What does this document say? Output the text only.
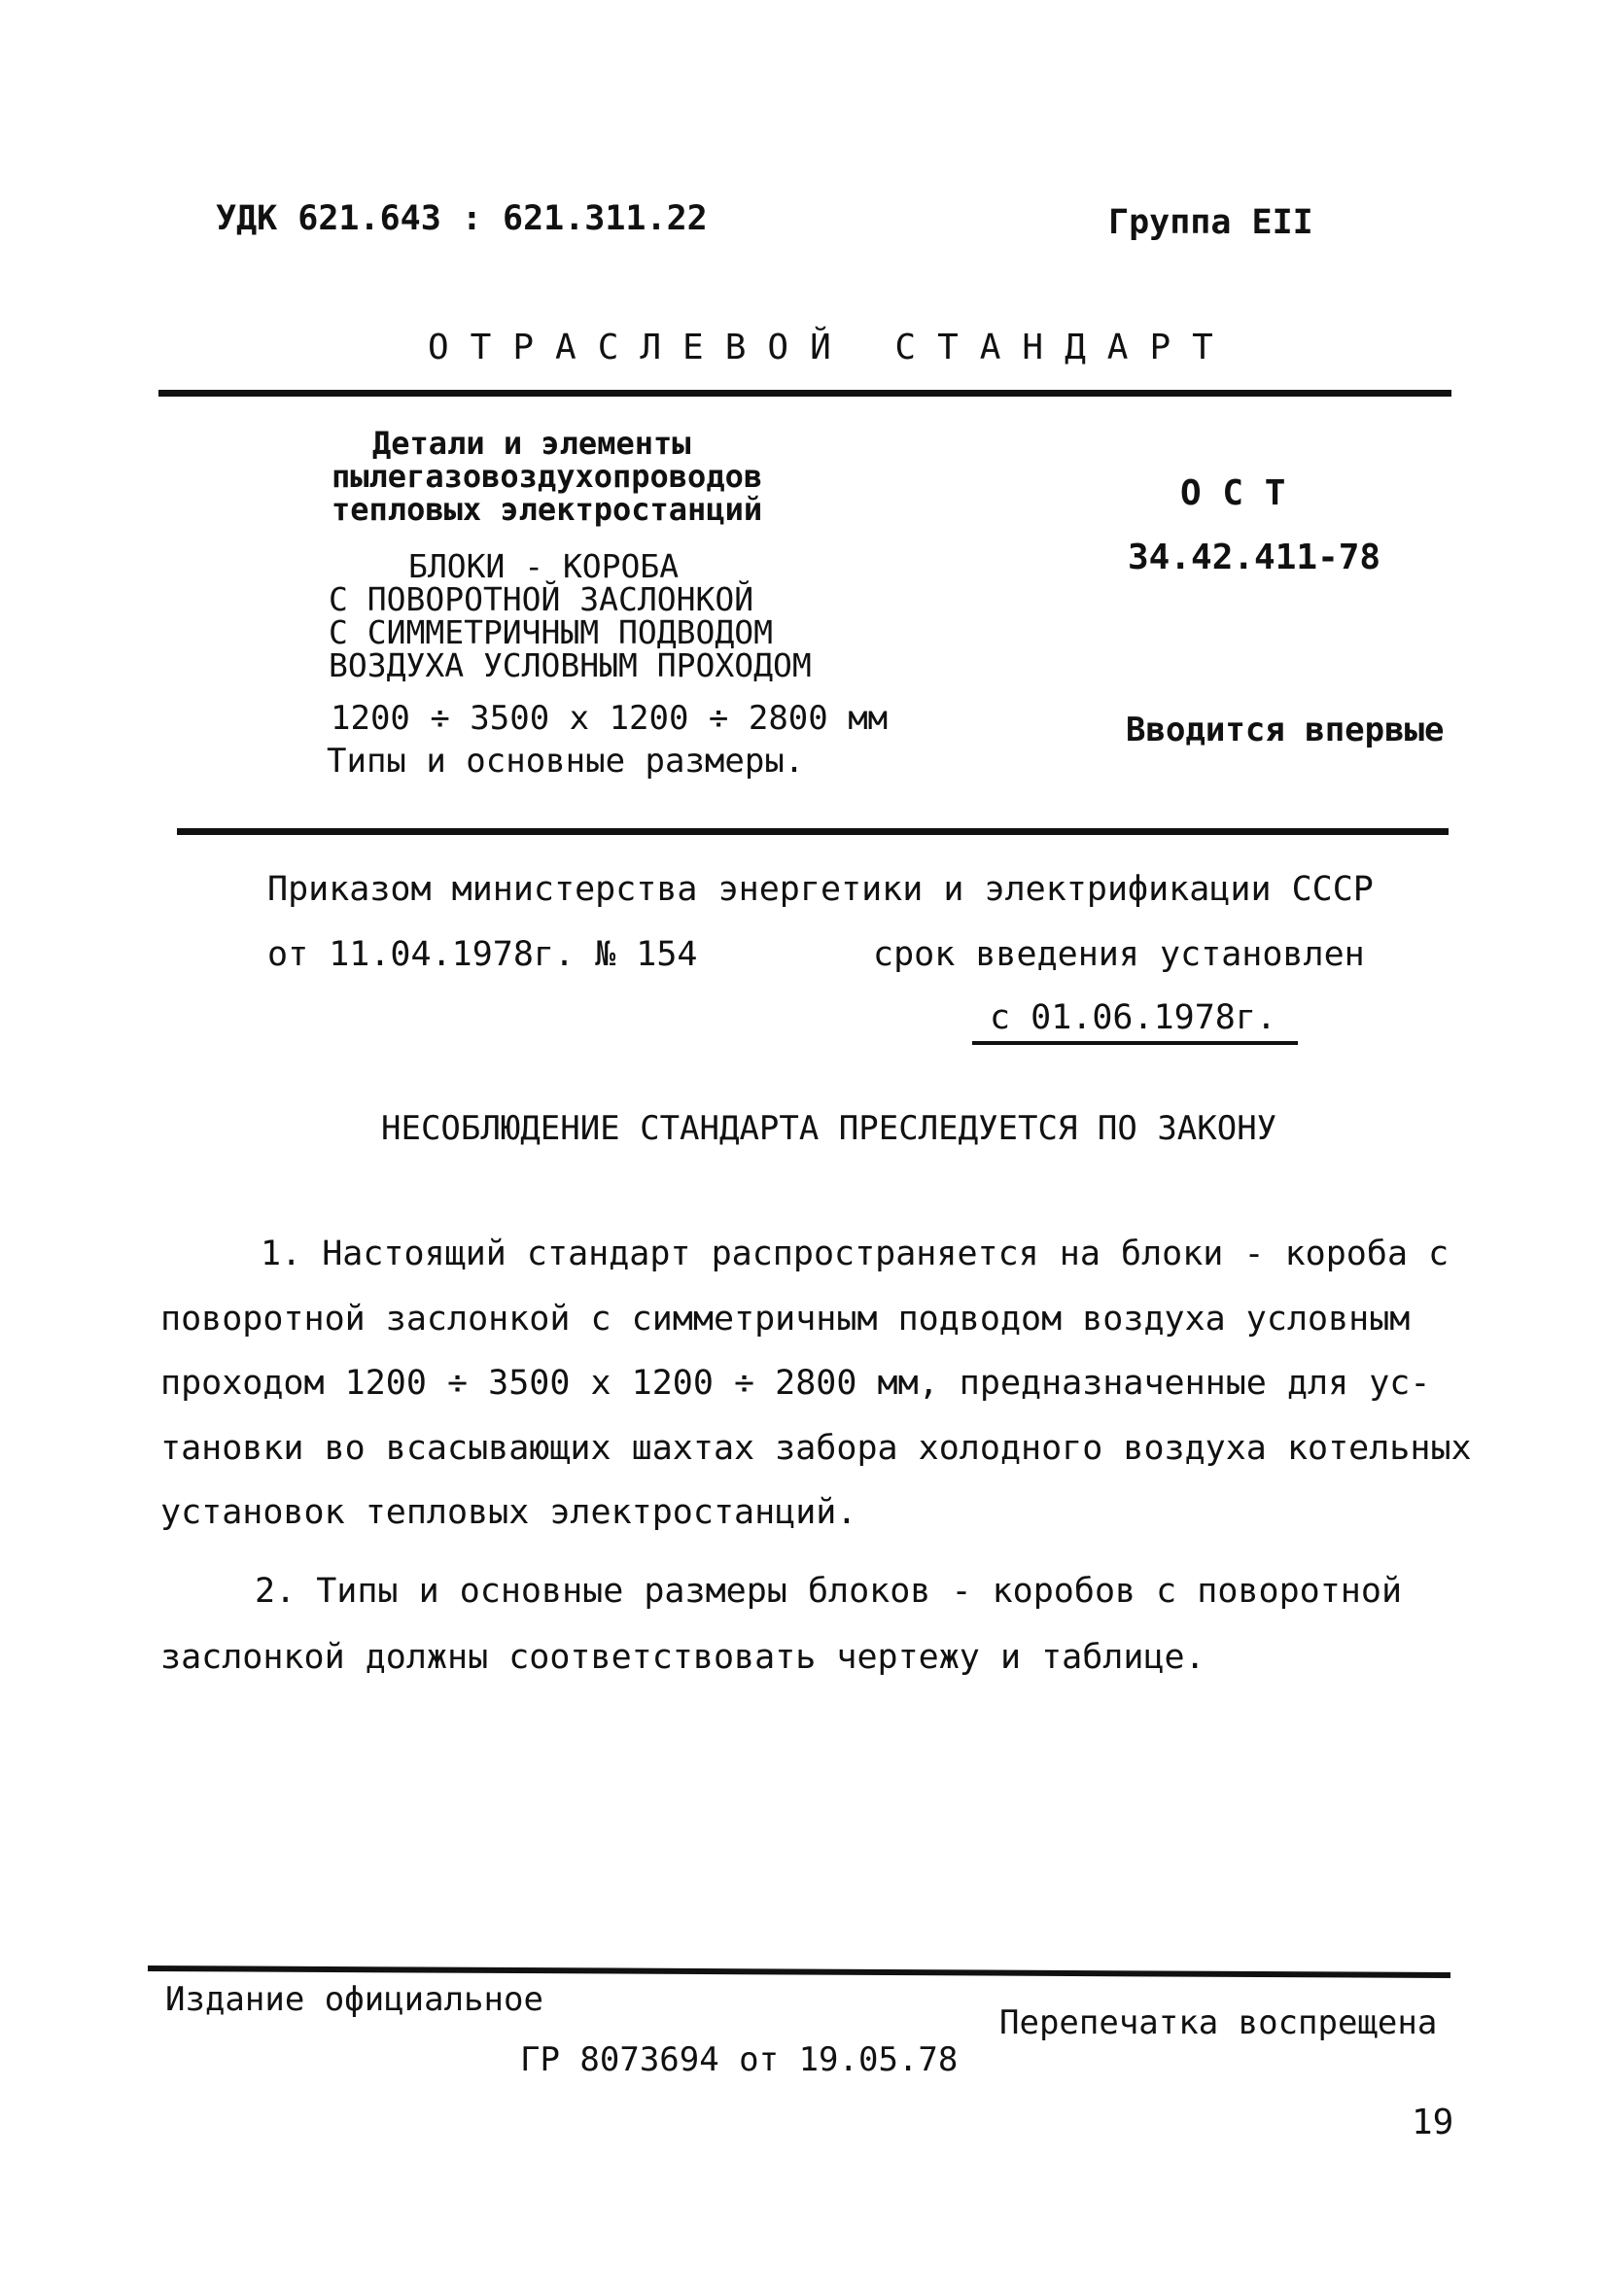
УДК 621.643 : 621.311.22	Группа ЕII
ОТРАСЛЕВОЙ СТАНДАРТ
Детали и элементы
пылегазовоздухопроводов
тепловых электростанций
БЛОКИ - КОРОБА
С ПОВОРОТНОЙ ЗАСЛОНКОЙ
С СИММЕТРИЧНЫМ ПОДВОДОМ
ВОЗДУХА УСЛОВНЫМ ПРОХОДОМ
1200 ÷ 3500 х 1200 ÷ 2800 мм
Типы и основные размеры.
О С Т
34.42.411-78
Вводится впервые
Приказом министерства энергетики и электрификации СССР
от 11.04.1978г. № 154	срок введения установлен
с 01.06.1978г.
НЕСОБЛЮДЕНИЕ СТАНДАРТА ПРЕСЛЕДУЕТСЯ ПО ЗАКОНУ
1. Настоящий стандарт распространяется на блоки - короба с
поворотной заслонкой с симметричным подводом воздуха условным
проходом 1200 ÷ 3500 х 1200 ÷ 2800 мм, предназначенные для ус-
тановки во всасывающих шахтах забора холодного воздуха котельных
установок тепловых электростанций.
2. Типы и основные размеры блоков - коробов с поворотной
заслонкой должны соответствовать чертежу и таблице.
Издание официальное
Перепечатка воспрещена
ГР 8073694 от 19.05.78
19
